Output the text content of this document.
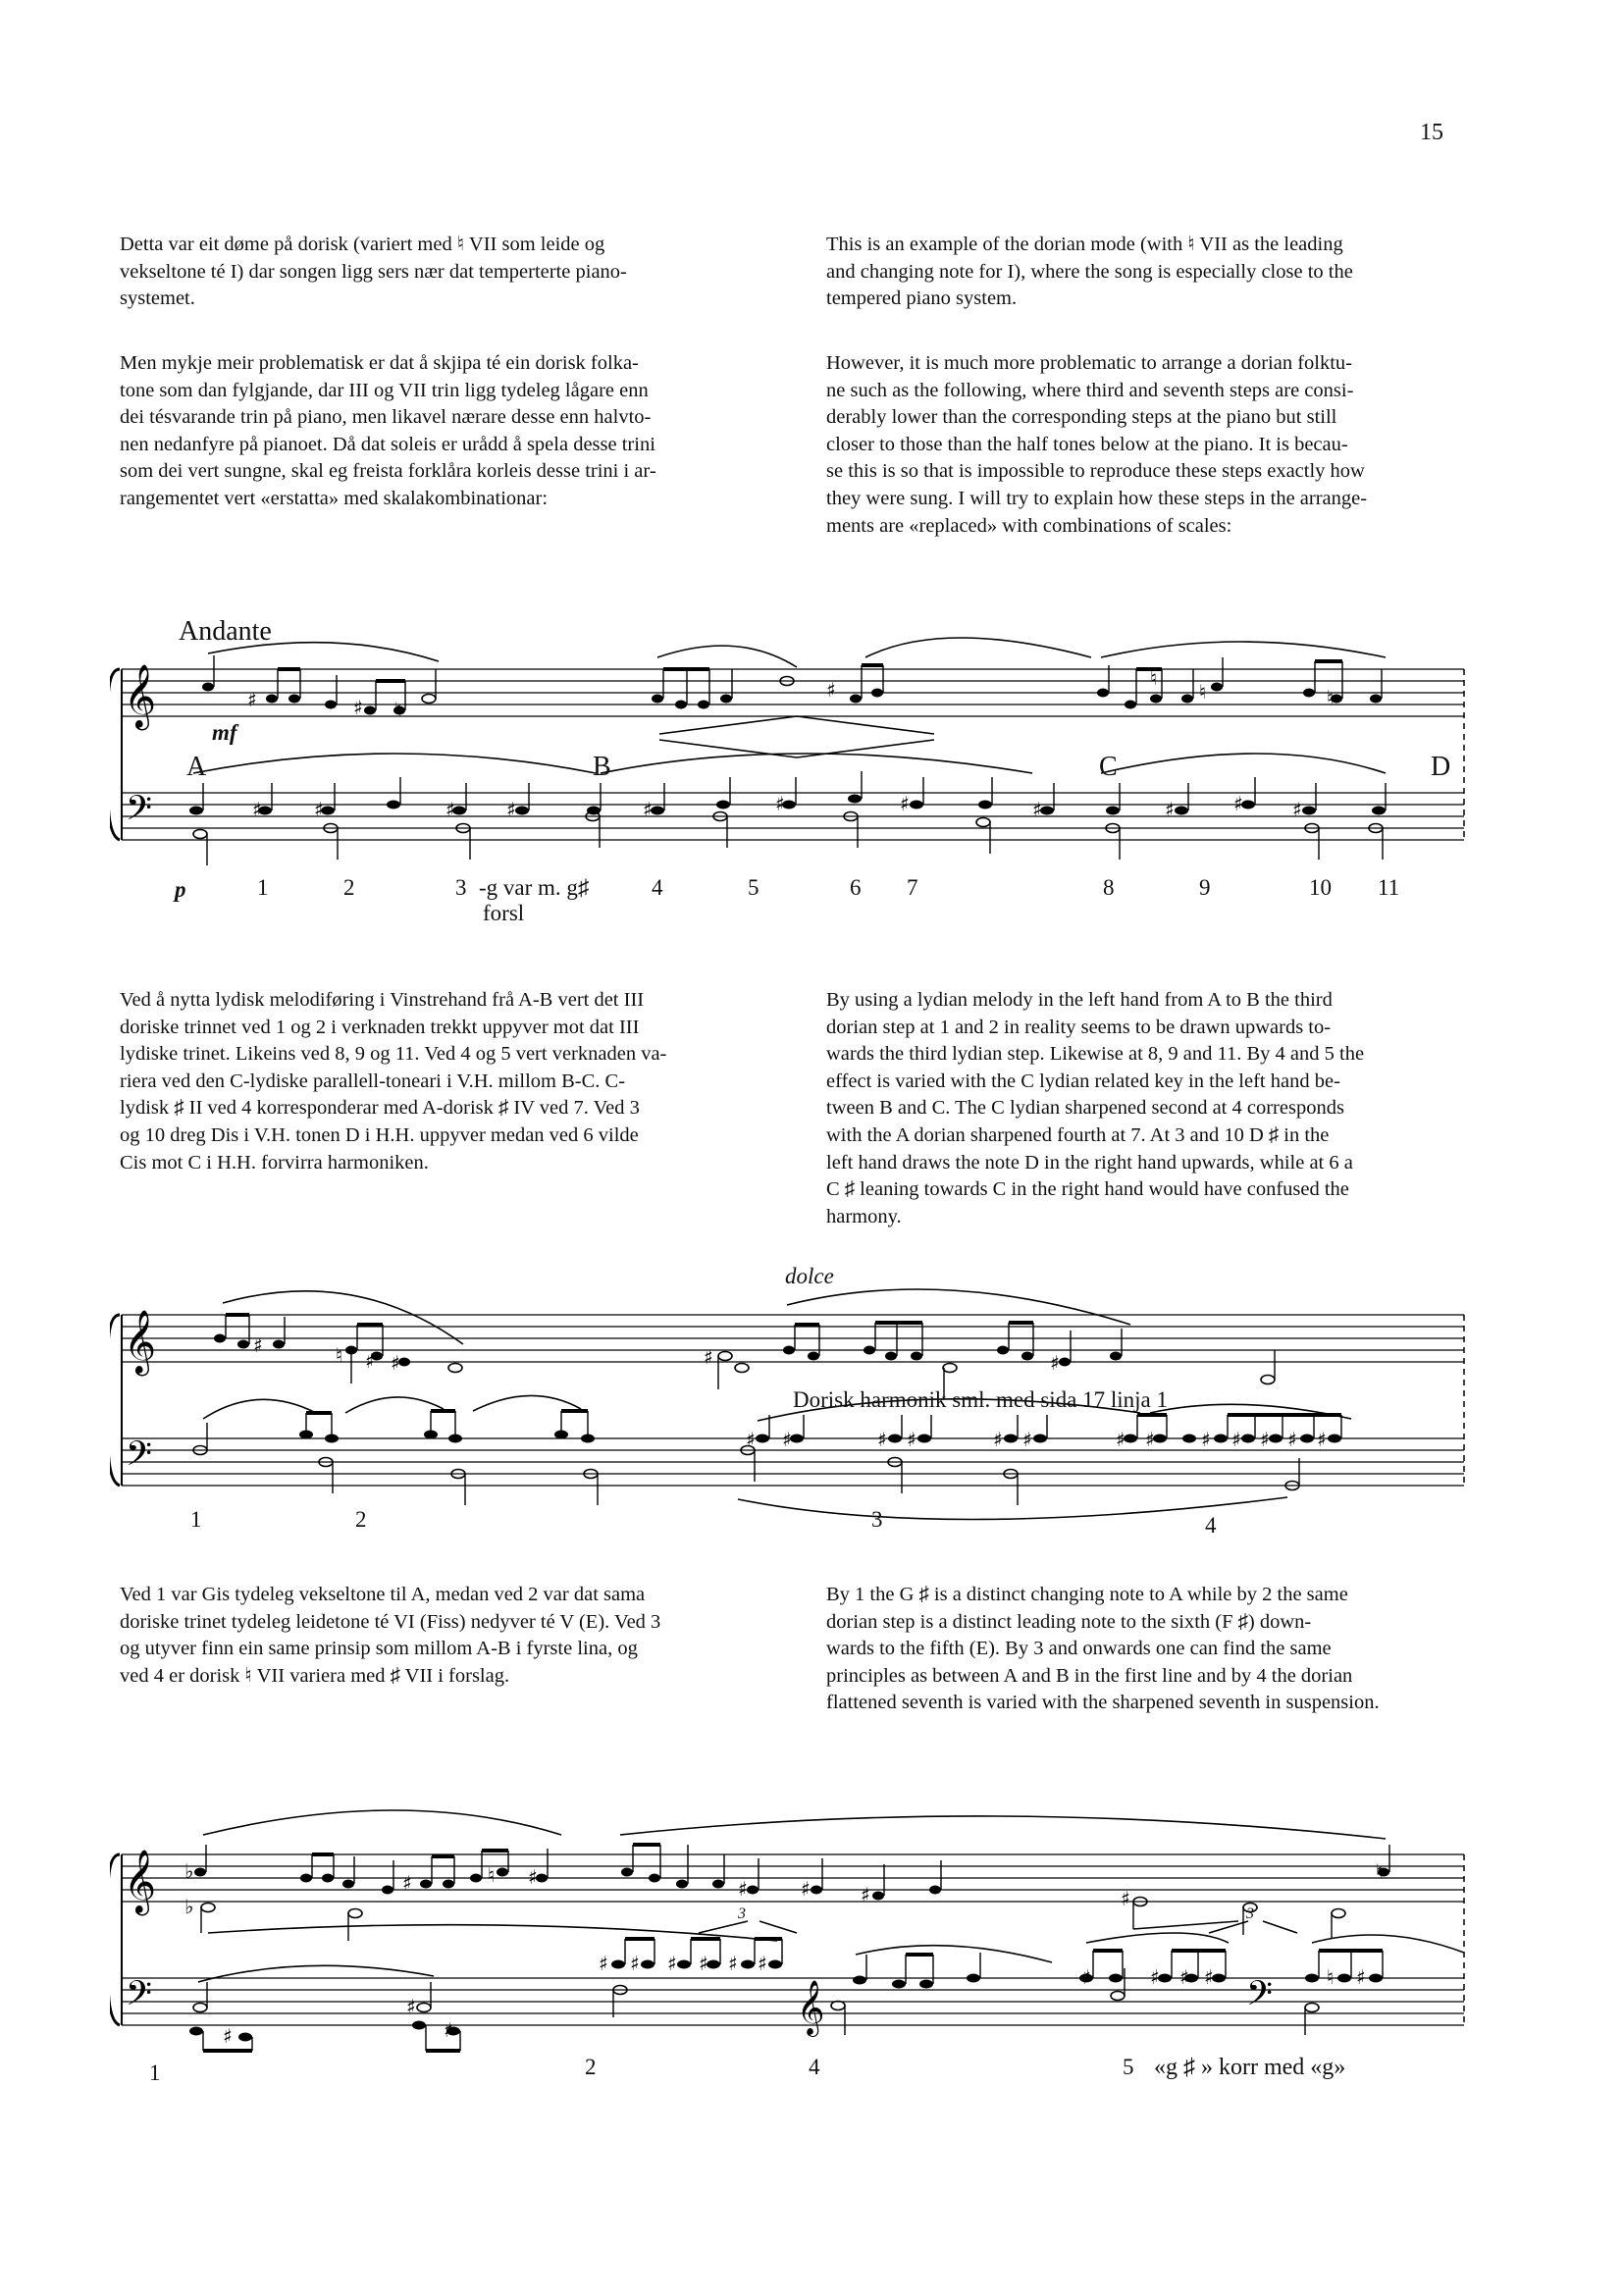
15

Detta var eit døme på dorisk (variert med ♮ VII som leide og
vekseltone té I) dar songen ligg sers nær dat temperterte piano-
systemet.

This is an example of the dorian mode (with ♮ VII as the leading
and changing note for I), where the song is especially close to the
tempered piano system.

Men mykje meir problematisk er dat å skjipa té ein dorisk folka-
tone som dan fylgjande, dar III og VII trin ligg tydeleg lågare enn
dei tésvarande trin på piano, men likavel nærare desse enn halvto-
nen nedanfyre på pianoet. Då dat soleis er urådd å spela desse trini
som dei vert sungne, skal eg freista forklåra korleis desse trini i ar-
rangementet vert «erstatta» med skalakombinationar:

However, it is much more problematic to arrange a dorian folktu-
ne such as the following, where third and seventh steps are consi-
derably lower than the corresponding steps at the piano but still
closer to those than the half tones below at the piano. It is becau-
se this is so that is impossible to reproduce these steps exactly how
they were sung. I will try to explain how these steps in the arrange-
ments are «replaced» with combinations of scales:

𝄞
𝄢
♯	♯ ♮
♯
♯	♯	♯	♯	♯	♯	♯	♯	♯	♯	♯
♮
♮
♮
Andante
mf
p
A	B	C	D
1	2	3	4	5	6 7	8	9	10 11
-g var m. g♯
forsl

Ved å nytta lydisk melodiføring i Vinstrehand frå A-B vert det III
doriske trinnet ved 1 og 2 i verknaden trekkt uppyver mot dat III
lydiske trinet. Likeins ved 8, 9 og 11. Ved 4 og 5 vert verknaden va-
riera ved den C-lydiske parallell-toneari i V.H. millom B-C. C-
lydisk ♯ II ved 4 korresponderar med A-dorisk ♯ IV ved 7. Ved 3
og 10 dreg Dis i V.H. tonen D i H.H. uppyver medan ved 6 vilde
Cis mot C i H.H. forvirra harmoniken.

By using a lydian melody in the left hand from A to B the third
dorian step at 1 and 2 in reality seems to be drawn upwards to-
wards the third lydian step. Likewise at 8, 9 and 11. By 4 and 5 the
effect is varied with the C lydian related key in the left hand be-
tween B and C. The C lydian sharpened second at 4 corresponds
with the A dorian sharpened fourth at 7. At 3 and 10 D ♯ in the
left hand draws the note D in the right hand upwards, while at 6 a
C ♯ leaning towards C in the right hand would have confused the
harmony.

𝄞
𝄢
♯	♮ ♯ ♯	♯	♯
♯ ♯	♯ ♯	♯ ♯	♯ ♯ ♯ ♯ ♯ ♯ ♯
dolce
Dorisk harmonik sml. med sida 17 linja 1
1	2	3	4

Ved 1 var Gis tydeleg vekseltone til A, medan ved 2 var dat sama
doriske trinet tydeleg leidetone té VI (Fiss) nedyver té V (E). Ved 3
og utyver finn ein same prinsip som millom A-B i fyrste lina, og
ved 4 er dorisk ♮ VII variera med ♯ VII i forslag.

By 1 the G ♯ is a distinct changing note to A while by 2 the same
dorian step is a distinct leading note to the sixth (F ♯) down-
wards to the fifth (E). By 3 and onwards one can find the same
principles as between A and B in the first line and by 4 the dorian
flattened seventh is varied with the sharpened seventh in suspension.

𝄞
𝄢	𝄞	𝄢
♭
♭
♯	♮ ♯	♯	♯	♯	♯
♮
♯
♯	♯
♯ ♯ ♯ ♯ ♯ ♯
♯	♯ ♯ ♯	♮ ♯
3	3
1	2	4	5 «g ♯ » korr med «g»
